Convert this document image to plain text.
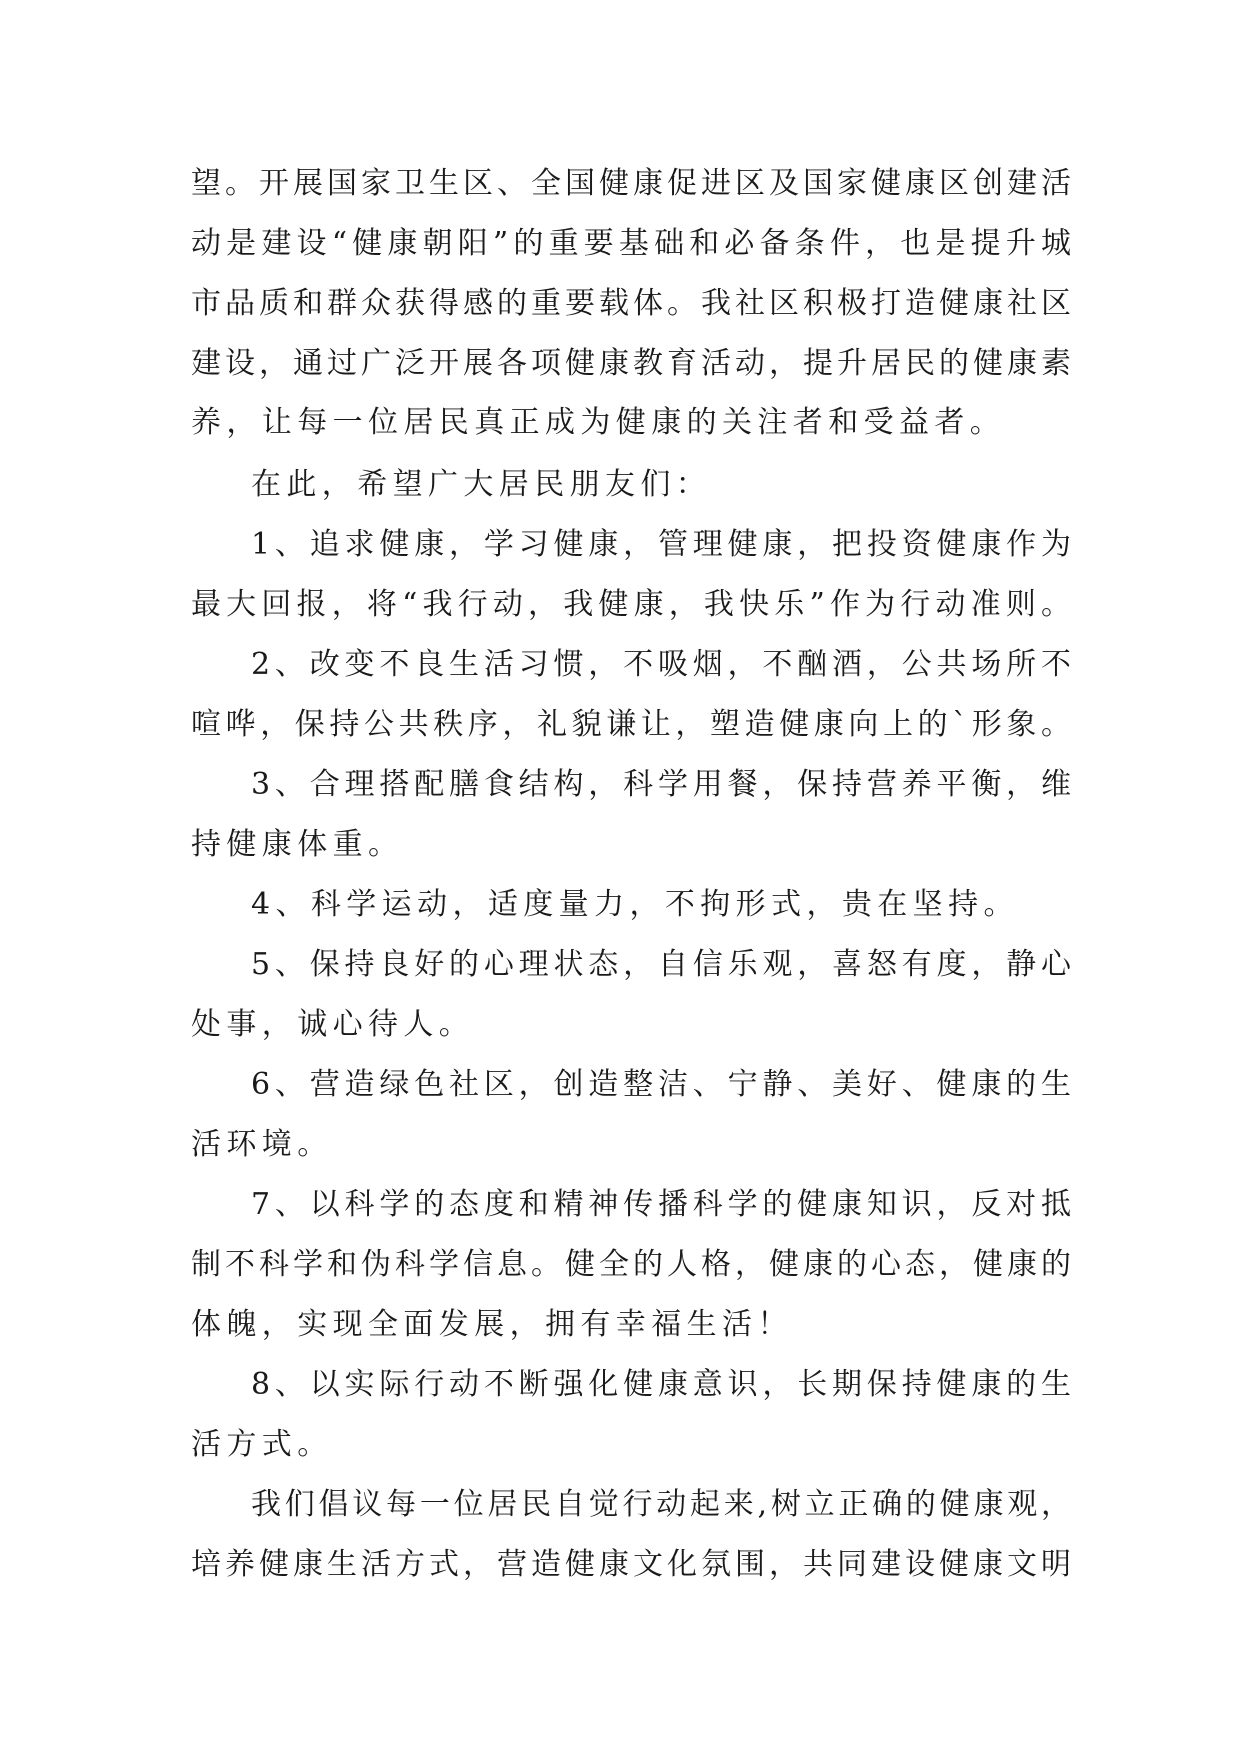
望。开展国家卫生区、全国健康促进区及国家健康区创建活
动是建设“健康朝阳”的重要基础和必备条件，也是提升城
市品质和群众获得感的重要载体。我社区积极打造健康社区
建设，通过广泛开展各项健康教育活动，提升居民的健康素
养，让每一位居民真正成为健康的关注者和受益者。
在此，希望广大居民朋友们：
1、追求健康，学习健康，管理健康，把投资健康作为
最大回报，将“我行动，我健康，我快乐”作为行动准则。
2、改变不良生活习惯，不吸烟，不酗酒，公共场所不
喧哗，保持公共秩序，礼貌谦让，塑造健康向上的`形象。
3、合理搭配膳食结构，科学用餐，保持营养平衡，维
持健康体重。
4、科学运动，适度量力，不拘形式，贵在坚持。
5、保持良好的心理状态，自信乐观，喜怒有度，静心
处事，诚心待人。
6、营造绿色社区，创造整洁、宁静、美好、健康的生
活环境。
7、以科学的态度和精神传播科学的健康知识，反对抵
制不科学和伪科学信息。健全的人格，健康的心态，健康的
体魄，实现全面发展，拥有幸福生活！
8、以实际行动不断强化健康意识，长期保持健康的生
活方式。
我们倡议每一位居民自觉行动起来,树立正确的健康观，
培养健康生活方式，营造健康文化氛围，共同建设健康文明
